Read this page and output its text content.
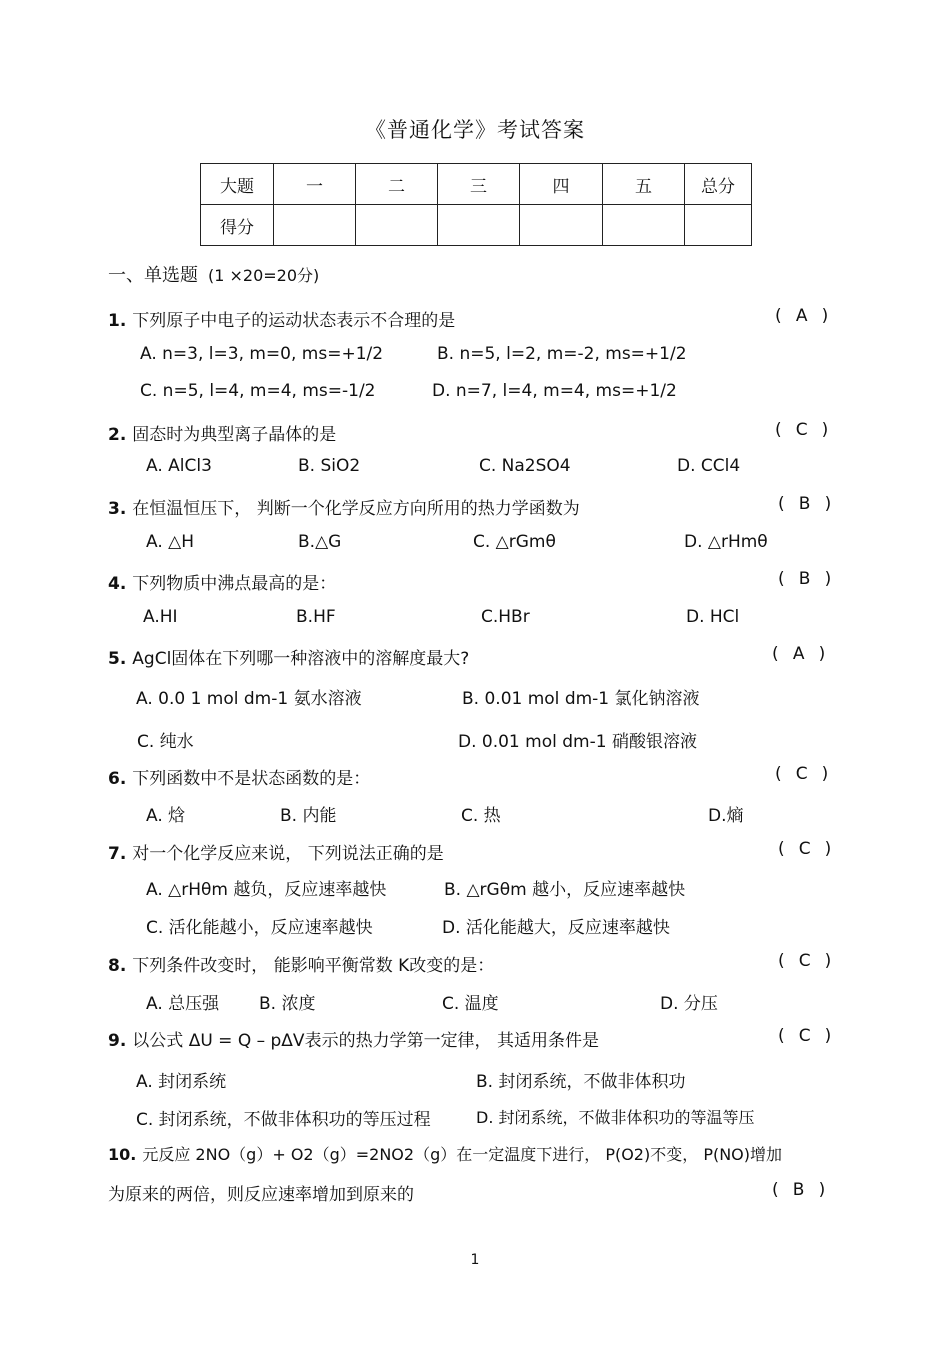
《普通化学》考试答案
大题	一	二	三	四	五	总分
得分						
一、单选题 (1 ×20=20分)
1. 下列原子中电子的运动状态表示不合理的是	( A )
A. n=3, l=3, m=0, ms=+1/2	B. n=5, l=2, m=-2, ms=+1/2
C. n=5, l=4, m=4, ms=-1/2	D. n=7, l=4, m=4, ms=+1/2
2. 固态时为典型离子晶体的是	( C )
A. AlCl3	B. SiO2	C. Na2SO4	D. CCl4
3. 在恒温恒压下， 判断一个化学反应方向所用的热力学函数为	( B )
A. △H	B.△G	C. △rGmθ	D. △rHmθ
4. 下列物质中沸点最高的是：	( B )
A.HI	B.HF	C.HBr	D. HCl
5. AgCl固体在下列哪一种溶液中的溶解度最大?	( A )
A. 0.0 1 mol dm-1 氨水溶液	B. 0.01 mol dm-1 氯化钠溶液
C. 纯水	D. 0.01 mol dm-1 硝酸银溶液
6. 下列函数中不是状态函数的是：	( C )
A. 焓	B. 内能	C. 热	D.熵
7. 对一个化学反应来说， 下列说法正确的是	( C )
A. △rHθm 越负，反应速率越快	B. △rGθm 越小，反应速率越快
C. 活化能越小，反应速率越快	D. 活化能越大，反应速率越快
8. 下列条件改变时， 能影响平衡常数 K改变的是：	( C )
A. 总压强 B. 浓度	C. 温度	D. 分压
9. 以公式 ΔU = Q – pΔV表示的热力学第一定律， 其适用条件是	( C )
A. 封闭系统	B. 封闭系统，不做非体积功
C. 封闭系统，不做非体积功的等压过程	D. 封闭系统，不做非体积功的等温等压
10. 元反应 2NO（g）+ O2（g）=2NO2（g）在一定温度下进行， P(O2)不变， P(NO)增加
为原来的两倍，则反应速率增加到原来的	( B )
1
